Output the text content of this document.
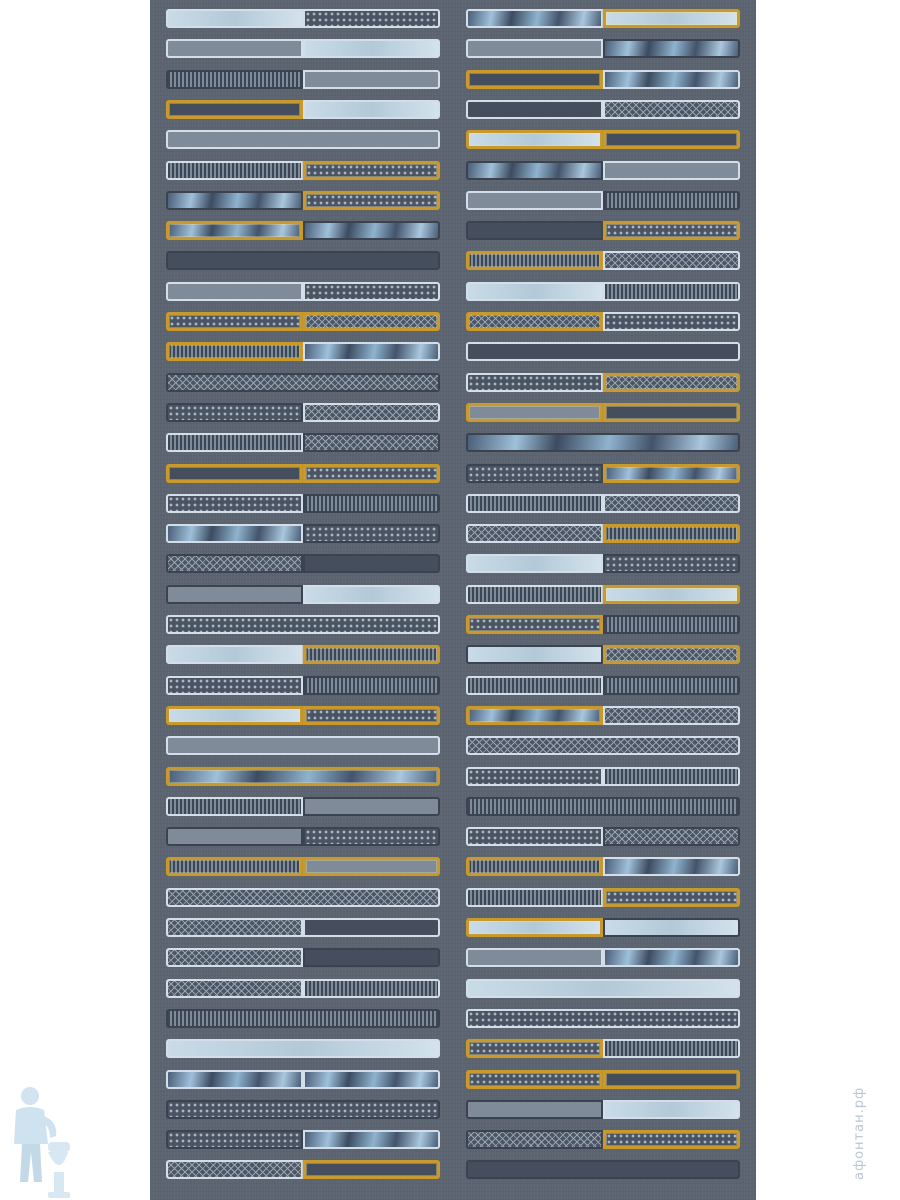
афонтан.рф
